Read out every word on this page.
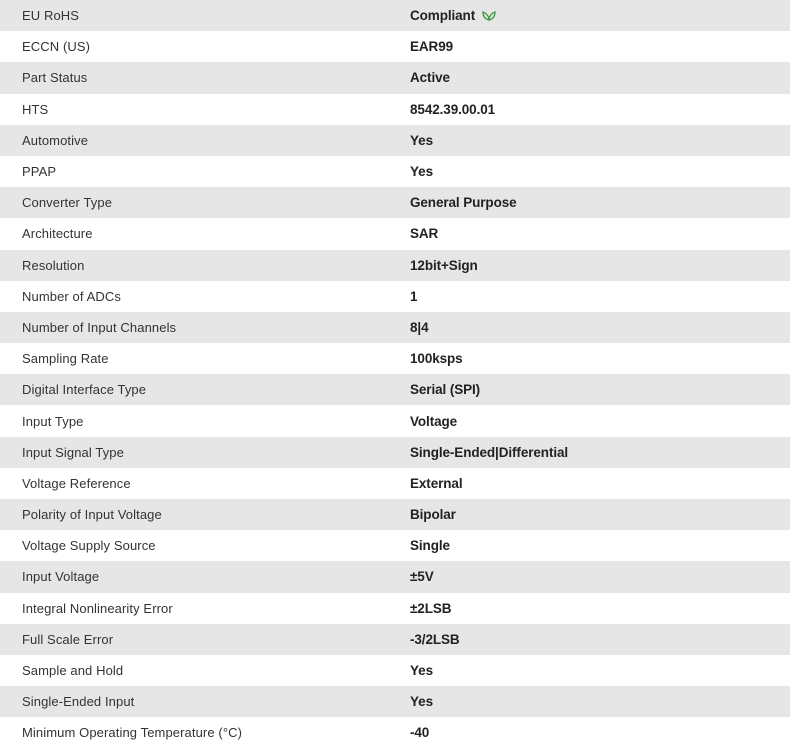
EU RoHS	Compliant
ECCN (US)	EAR99
Part Status	Active
HTS	8542.39.00.01
Automotive	Yes
PPAP	Yes
Converter Type	General Purpose
Architecture	SAR
Resolution	12bit+Sign
Number of ADCs	1
Number of Input Channels	8|4
Sampling Rate	100ksps
Digital Interface Type	Serial (SPI)
Input Type	Voltage
Input Signal Type	Single-Ended|Differential
Voltage Reference	External
Polarity of Input Voltage	Bipolar
Voltage Supply Source	Single
Input Voltage	±5V
Integral Nonlinearity Error	±2LSB
Full Scale Error	-3/2LSB
Sample and Hold	Yes
Single-Ended Input	Yes
Minimum Operating Temperature (°C)	-40
